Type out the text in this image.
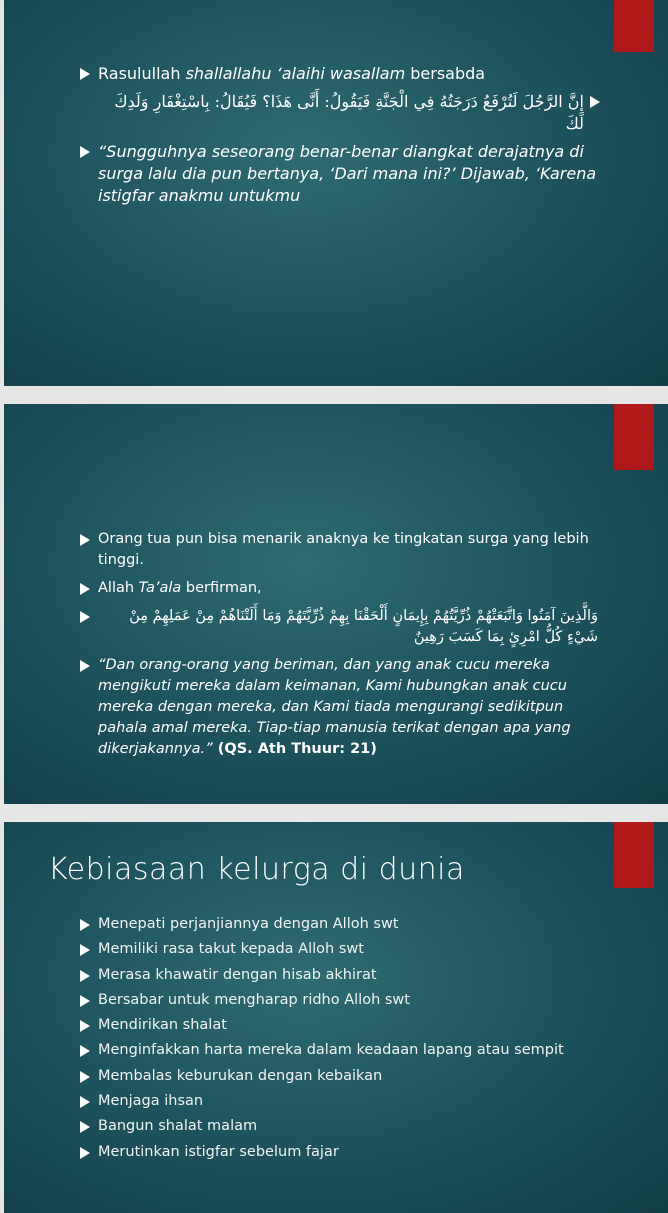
Rasulullah shallallahu ‘alaihi wasallam bersabda
إِنَّ الرَّجُلَ لَتُرْفَعُ دَرَجَتُهُ فِي الْجَنَّةِ فَيَقُولُ: أَنَّى هَذَا؟ فَيُقَالُ: بِاسْتِغْفَارِ وَلَدِكَ لَكَ
“Sungguhnya seseorang benar-benar diangkat derajatnya di surga lalu dia pun bertanya, ‘Dari mana ini?’ Dijawab, ‘Karena istigfar anakmu untukmu
Orang tua pun bisa menarik anaknya ke tingkatan surga yang lebih tinggi.
Allah Ta’ala berfirman,
وَالَّذِينَ آمَنُوا وَاتَّبَعَتْهُمْ ذُرِّيَّتُهُمْ بِإِيمَانٍ أَلْحَقْنَا بِهِمْ ذُرِّيَّتَهُمْ وَمَا أَلَتْنَاهُمْ مِنْ عَمَلِهِمْ مِنْ شَيْءٍ كُلُّ امْرِئٍ بِمَا كَسَبَ رَهِينٌ
“Dan orang-orang yang beriman, dan yang anak cucu mereka mengikuti mereka dalam keimanan, Kami hubungkan anak cucu mereka dengan mereka, dan Kami tiada mengurangi sedikitpun pahala amal mereka. Tiap-tiap manusia terikat dengan apa yang dikerjakannya.” (QS. Ath Thuur: 21)
Kebiasaan kelurga di dunia
Menepati perjanjiannya dengan Alloh swt
Memiliki rasa takut kepada Alloh swt
Merasa khawatir dengan hisab akhirat
Bersabar untuk mengharap ridho Alloh swt
Mendirikan shalat
Menginfakkan harta mereka dalam keadaan lapang atau sempit
Membalas keburukan dengan kebaikan
Menjaga ihsan
Bangun shalat malam
Merutinkan istigfar sebelum fajar
